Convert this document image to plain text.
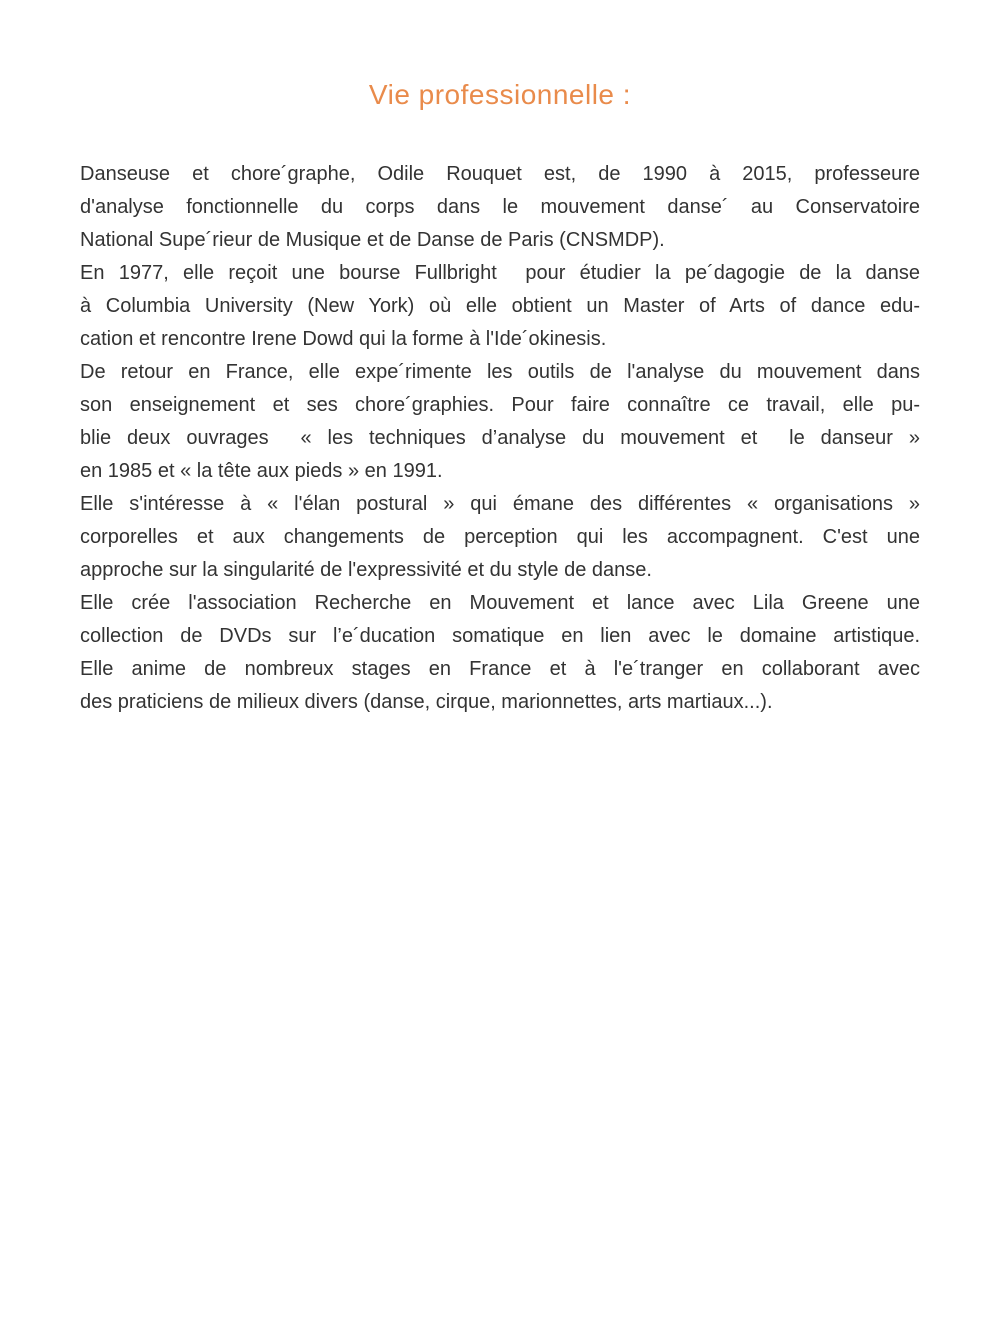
Vie professionnelle :

Danseuse et chore´graphe, Odile Rouquet est, de 1990 à 2015, professeure
d'analyse fonctionnelle du corps dans le mouvement danse´ au Conservatoire
National Supe´rieur de Musique et de Danse de Paris (CNSMDP).

En 1977, elle reçoit une bourse Fullbright  pour étudier la pe´dagogie de la danse
à Columbia University (New York) où elle obtient un Master of Arts of dance edu-
cation et rencontre Irene Dowd qui la forme à l'Ide´okinesis.

De retour en France, elle expe´rimente les outils de l'analyse du mouvement dans
son enseignement et ses chore´graphies. Pour faire connaître ce travail, elle pu-
blie deux ouvrages  « les techniques d’analyse du mouvement et  le danseur »
en 1985 et « la tête aux pieds » en 1991.

Elle s'intéresse à « l'élan postural » qui émane des différentes « organisations »
corporelles et aux changements de perception qui les accompagnent. C'est une
approche sur la singularité de l'expressivité et du style de danse.

Elle crée l'association Recherche en Mouvement et lance avec Lila Greene une
collection de DVDs sur l’e´ducation somatique en lien avec le domaine artistique.
Elle anime de nombreux stages en France et à l'e´tranger en collaborant avec
des praticiens de milieux divers (danse, cirque, marionnettes, arts martiaux...).
